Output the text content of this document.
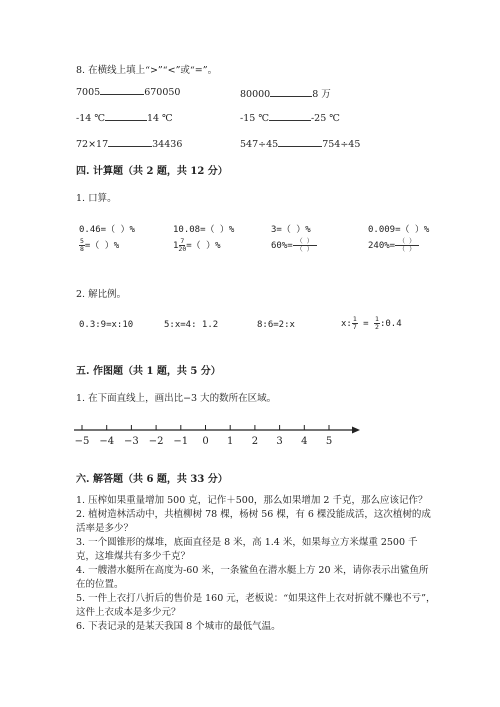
8. 在横线上填上“>”“<”或“=”。
7005	670050	80000	8 万
-14 ℃	14 ℃	-15 ℃	-25 ℃
72×17	34436	547÷45	754÷45
四. 计算题（共 2 题，共 12 分）
1. 口算。
0.46=（ ）%	10.08=（ ）%	3=（ ）%	0.009=（ ）%
$\frac{5}{8}$ =（ ）%	$1 \frac{7}{20}$ =（ ）%	$60\%= \frac{( )}{( )}$	$240\%= \frac{( )}{( )}$
2. 解比例。
0.3:9=x:10	5:x=4: 1.2	8:6=2:x	x: $\frac{1}{7} = \frac{1}{2}$ :0.4
五. 作图题（共 1 题，共 5 分）
1. 在下面直线上，画出比−3 大的数所在区域。
−5 −4 −3 −2 −1 0 1 2 3 4 5
六. 解答题（共 6 题，共 33 分）
1. 压榨如果重量增加 500 克，记作＋500，那么如果增加 2 千克，那么应该记作？
2. 植树造林活动中，共植柳树 78 棵，杨树 56 棵，有 6 棵没能成活，这次植树的成活率是多少？
3. 一个圆锥形的煤堆，底面直径是 8 米，高 1.4 米，如果每立方米煤重 2500 千克，这堆煤共有多少千克？
4. 一艘潜水艇所在高度为-60 米，一条鲨鱼在潜水艇上方 20 米，请你表示出鲨鱼所在的位置。
5. 一件上衣打八折后的售价是 160 元，老板说：“如果这件上衣对折就不赚也不亏”，这件上衣成本是多少元？
6. 下表记录的是某天我国 8 个城市的最低气温。
